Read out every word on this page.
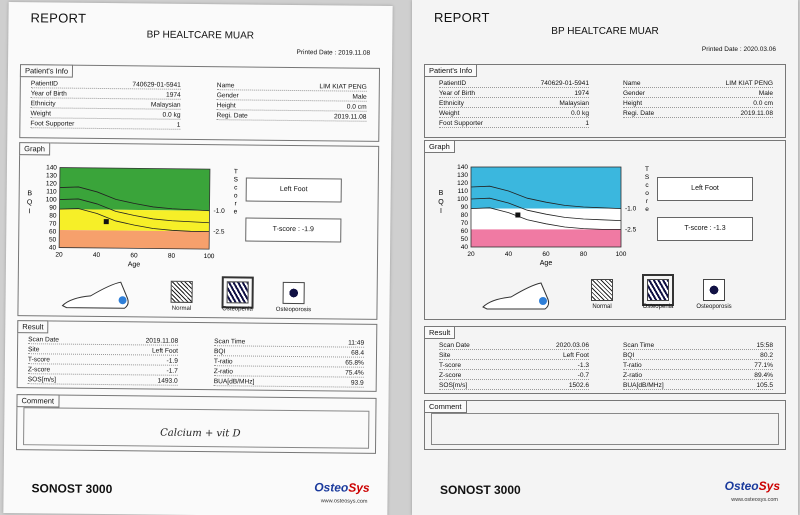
REPORT
BP HEALTCARE MUAR
Printed Date : 2019.11.08
Patient's Info
PatientID	740629-01-5941
Year of Birth	1974
Ethnicity	Malaysian
Weight	0.0 kg
Foot Supporter	1
Name	LIM KIAT PENG
Gender	Male
Height	0.0 cm
Regi. Date	2019.11.08
Graph
40
50
60
70
80
90
100
110
120
130
140
20	40	60	80	100
Age
B
Q
I
T
S
c
o
r
e
-1.0
-2.5
Left Foot
T-score : -1.9
Normal	Osteopenia	Osteoporosis
Result
Scan Date	2019.11.08
Site	Left Foot
T-score	-1.9
Z-score	-1.7
SOS[m/s]	1493.0
Scan Time	11:49
BQI	68.4
T-ratio	65.8%
Z-ratio	75.4%
BUA[dB/MHz]	93.9
Comment
Calcium + vit D
SONOST 3000	OsteoSys
www.osteosys.com
REPORT
BP HEALTCARE MUAR
Printed Date : 2020.03.06
Patient's Info
PatientID	740629-01-5941
Year of Birth	1974
Ethnicity	Malaysian
Weight	0.0 kg
Foot Supporter	1
Name	LIM KIAT PENG
Gender	Male
Height	0.0 cm
Regi. Date	2019.11.08
Graph
40
50
60
70
80
90
100
110
120
130
140
20	40	60	80	100
Age
B
Q
I
T
S
c
o
r
e
-1.0
-2.5
Left Foot
T-score : -1.3
Normal	Osteopenia	Osteoporosis
Result
Scan Date	2020.03.06
Site	Left Foot
T-score	-1.3
Z-score	-0.7
SOS[m/s]	1502.6
Scan Time	15:58
BQI	80.2
T-ratio	77.1%
Z-ratio	89.4%
BUA[dB/MHz]	105.5
Comment
SONOST 3000	OsteoSys
www.osteosys.com
